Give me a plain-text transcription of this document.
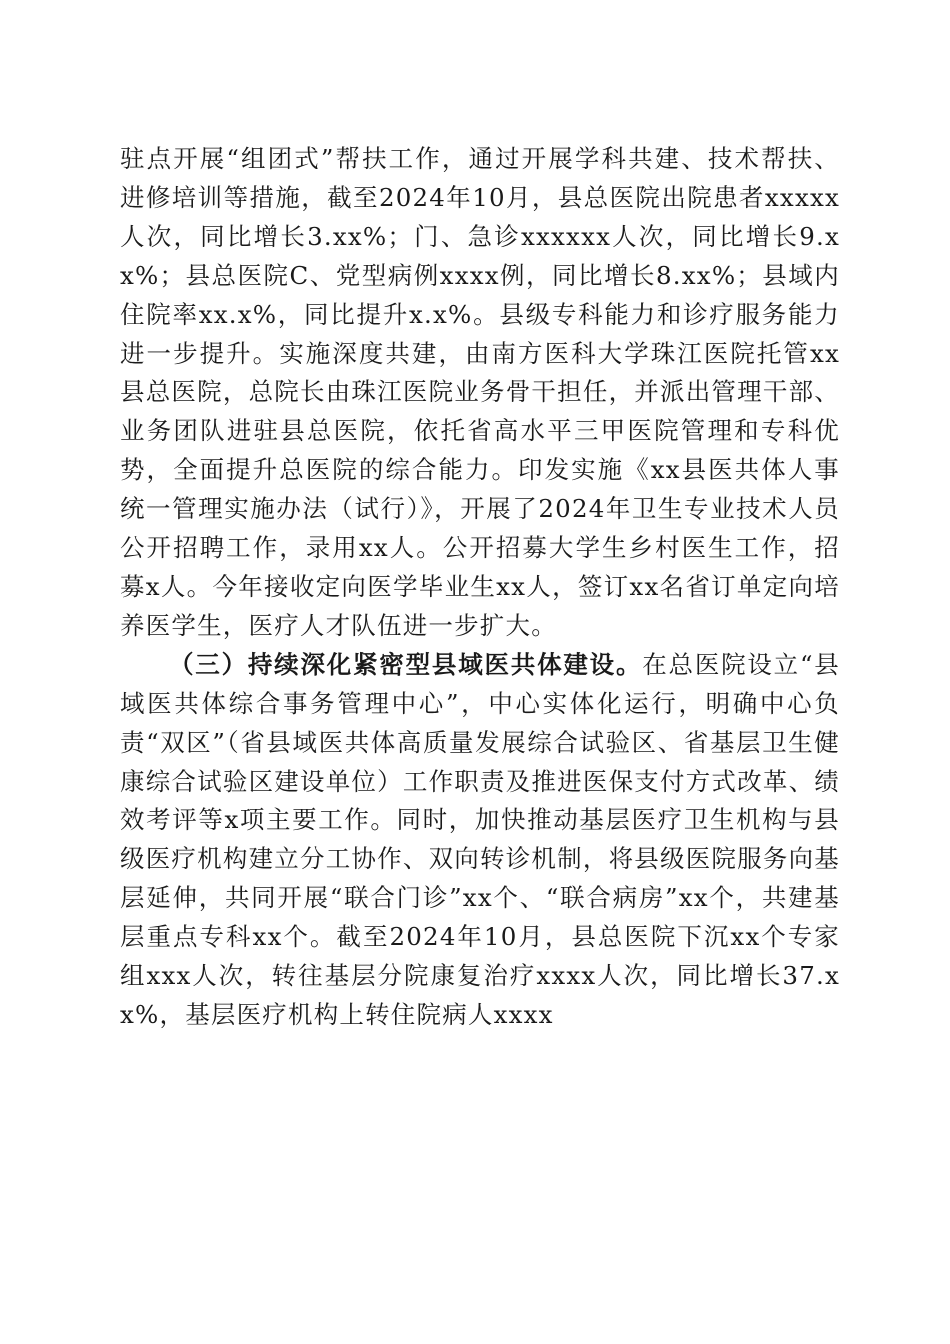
驻点开展“组团式”帮扶工作，通过开展学科共建、技术帮扶、进修培训等措施，截至2024年10月，县总医院出院患者xxxxx人次，同比增长3.xx%；门、急诊xxxxxx人次，同比增长9.xx%；县总医院C、党型病例xxxx例，同比增长8.xx%；县域内住院率xx.x%，同比提升x.x%。县级专科能力和诊疗服务能力进一步提升。实施深度共建，由南方医科大学珠江医院托管xx县总医院，总院长由珠江医院业务骨干担任，并派出管理干部、业务团队进驻县总医院，依托省高水平三甲医院管理和专科优势，全面提升总医院的综合能力。印发实施《xx县医共体人事统一管理实施办法（试行）》，开展了2024年卫生专业技术人员公开招聘工作，录用xx人。公开招募大学生乡村医生工作，招募x人。今年接收定向医学毕业生xx人，签订xx名省订单定向培养医学生，医疗人才队伍进一步扩大。

（三）持续深化紧密型县域医共体建设。在总医院设立“县域医共体综合事务管理中心”，中心实体化运行，明确中心负责“双区”（省县域医共体高质量发展综合试验区、省基层卫生健康综合试验区建设单位）工作职责及推进医保支付方式改革、绩效考评等x项主要工作。同时，加快推动基层医疗卫生机构与县级医疗机构建立分工协作、双向转诊机制，将县级医院服务向基层延伸，共同开展“联合门诊”xx个、“联合病房”xx个，共建基层重点专科xx个。截至2024年10月，县总医院下沉xx个专家组xxx人次，转往基层分院康复治疗xxxx人次，同比增长37.xx%，基层医疗机构上转住院病人xxxx
